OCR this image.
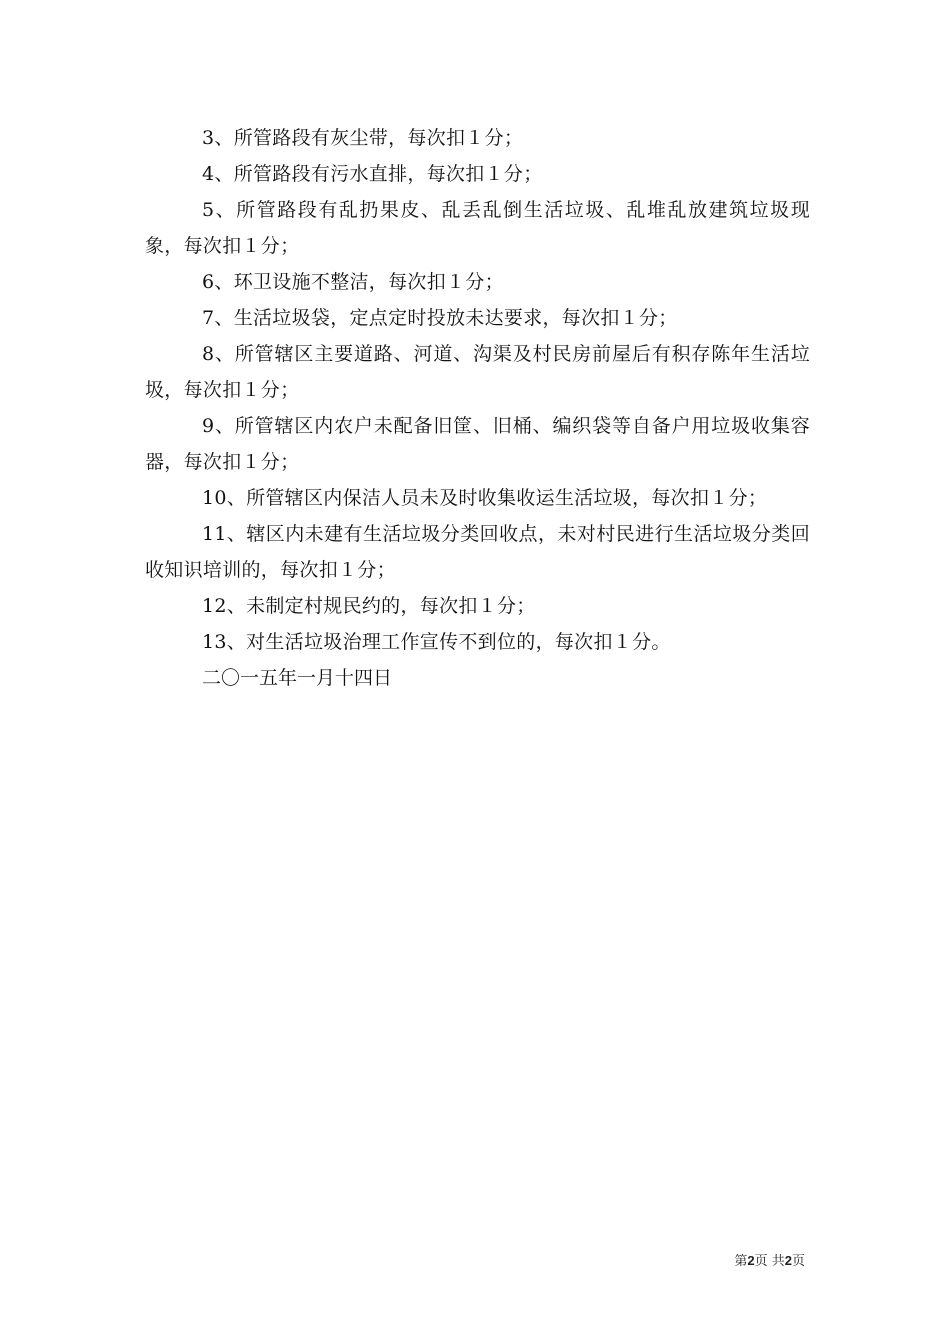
3、所管路段有灰尘带，每次扣１分；

4、所管路段有污水直排，每次扣１分；

5、所管路段有乱扔果皮、乱丢乱倒生活垃圾、乱堆乱放建筑垃圾现象，每次扣１分；

6、环卫设施不整洁，每次扣１分；

7、生活垃圾袋，定点定时投放未达要求，每次扣１分；

8、所管辖区主要道路、河道、沟渠及村民房前屋后有积存陈年生活垃圾，每次扣１分；

9、所管辖区内农户未配备旧筐、旧桶、编织袋等自备户用垃圾收集容器，每次扣１分；

10、所管辖区内保洁人员未及时收集收运生活垃圾，每次扣１分；

11、辖区内未建有生活垃圾分类回收点，未对村民进行生活垃圾分类回收知识培训的，每次扣１分；

12、未制定村规民约的，每次扣１分；

13、对生活垃圾治理工作宣传不到位的，每次扣１分。

二〇一五年一月十四日

第2页 共2页
